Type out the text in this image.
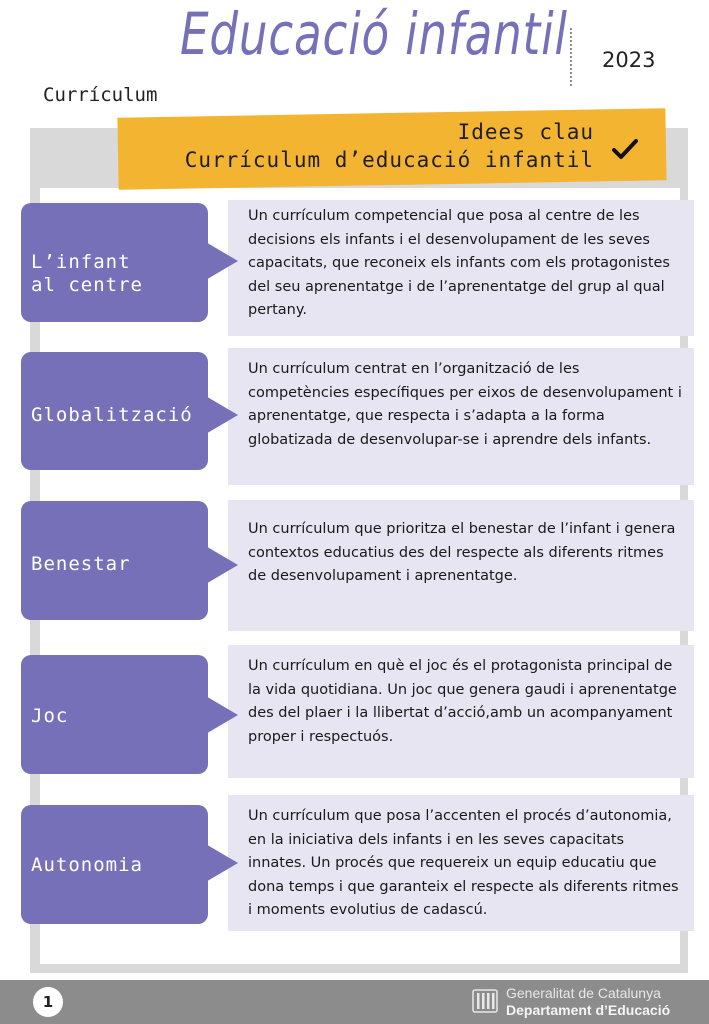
Educació infantil 2023
Currículum
Idees clau
Currículum d’educació infantil
L’infant
al centre
Un currículum competencial que posa al centre de les decisions els infants i el desenvolupament de les seves capacitats, que reconeix els infants com els protagonistes del seu aprenentatge i de l’aprenentatge del grup al qual pertany.
Globalització
Un currículum centrat en l’organització de les competències específiques per eixos de desenvolupament i aprenentatge, que respecta i s’adapta a la forma globatizada de desenvolupar-se i aprendre dels infants.
Benestar
Un currículum que prioritza el benestar de l’infant i genera contextos educatius des del respecte als diferents ritmes de desenvolupament i aprenentatge.
Joc
Un currículum en què el joc és el protagonista principal de la vida quotidiana. Un joc que genera gaudi i aprenentatge des del plaer i la llibertat d’acció,amb un acompanyament proper i respectuós.
Autonomia
Un currículum que posa l’accenten el procés d’autonomia, en la iniciativa dels infants i en les seves capacitats innates. Un procés que requereix un equip educatiu que dona temps i que garanteix el respecte als diferents ritmes i moments evolutius de cadascú.
1	Generalitat de Catalunya
Departament d’Educació
